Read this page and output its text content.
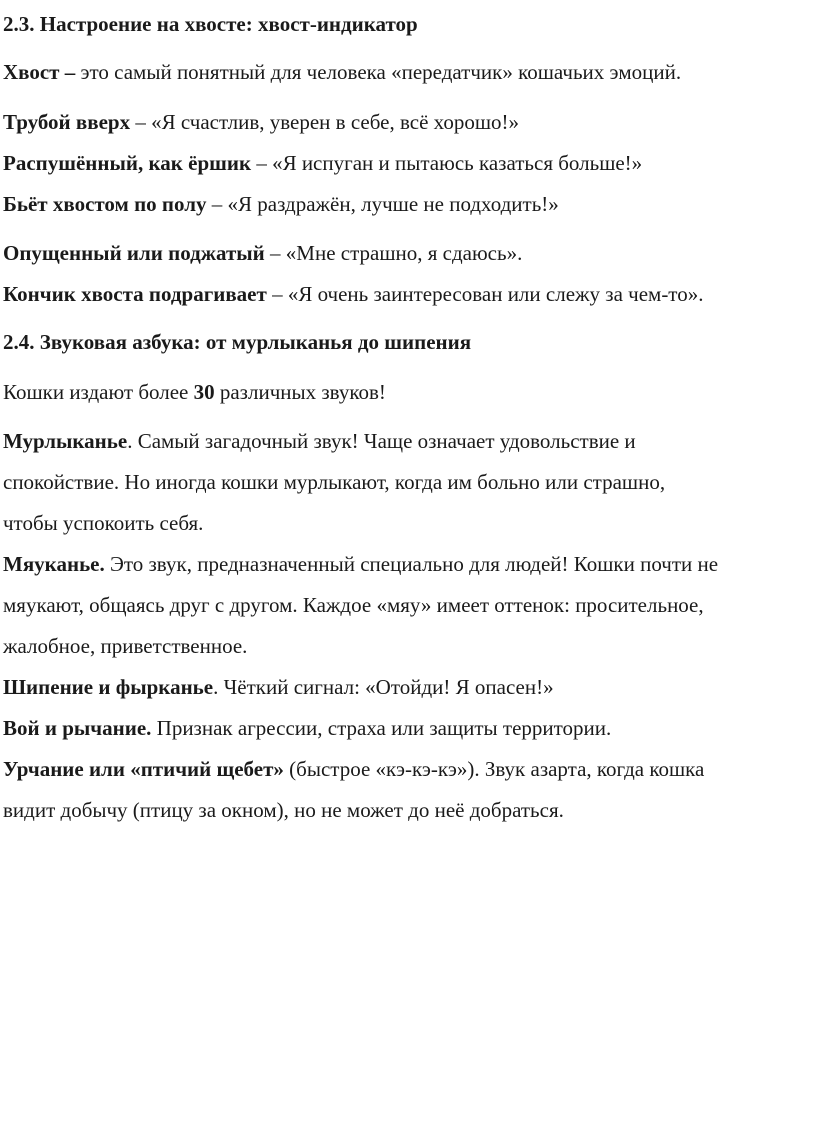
2.3. Настроение на хвосте: хвост-индикатор
Хвост – это самый понятный для человека «передатчик» кошачьих эмоций.
Трубой вверх – «Я счастлив, уверен в себе, всё хорошо!»
Распушённый, как ёршик – «Я испуган и пытаюсь казаться больше!»
Бьёт хвостом по полу – «Я раздражён, лучше не подходить!»
Опущенный или поджатый – «Мне страшно, я сдаюсь».
Кончик хвоста подрагивает – «Я очень заинтересован или слежу за чем-то».
2.4. Звуковая азбука: от мурлыканья до шипения
Кошки издают более 30 различных звуков!
Мурлыканье. Самый загадочный звук! Чаще означает удовольствие и
спокойствие. Но иногда кошки мурлыкают, когда им больно или страшно,
чтобы успокоить себя.
Мяуканье. Это звук, предназначенный специально для людей! Кошки почти не
мяукают, общаясь друг с другом. Каждое «мяу» имеет оттенок: просительное,
жалобное, приветственное.
Шипение и фырканье. Чёткий сигнал: «Отойди! Я опасен!»
Вой и рычание. Признак агрессии, страха или защиты территории.
Урчание или «птичий щебет» (быстрое «кэ-кэ-кэ»). Звук азарта, когда кошка
видит добычу (птицу за окном), но не может до неё добраться.
